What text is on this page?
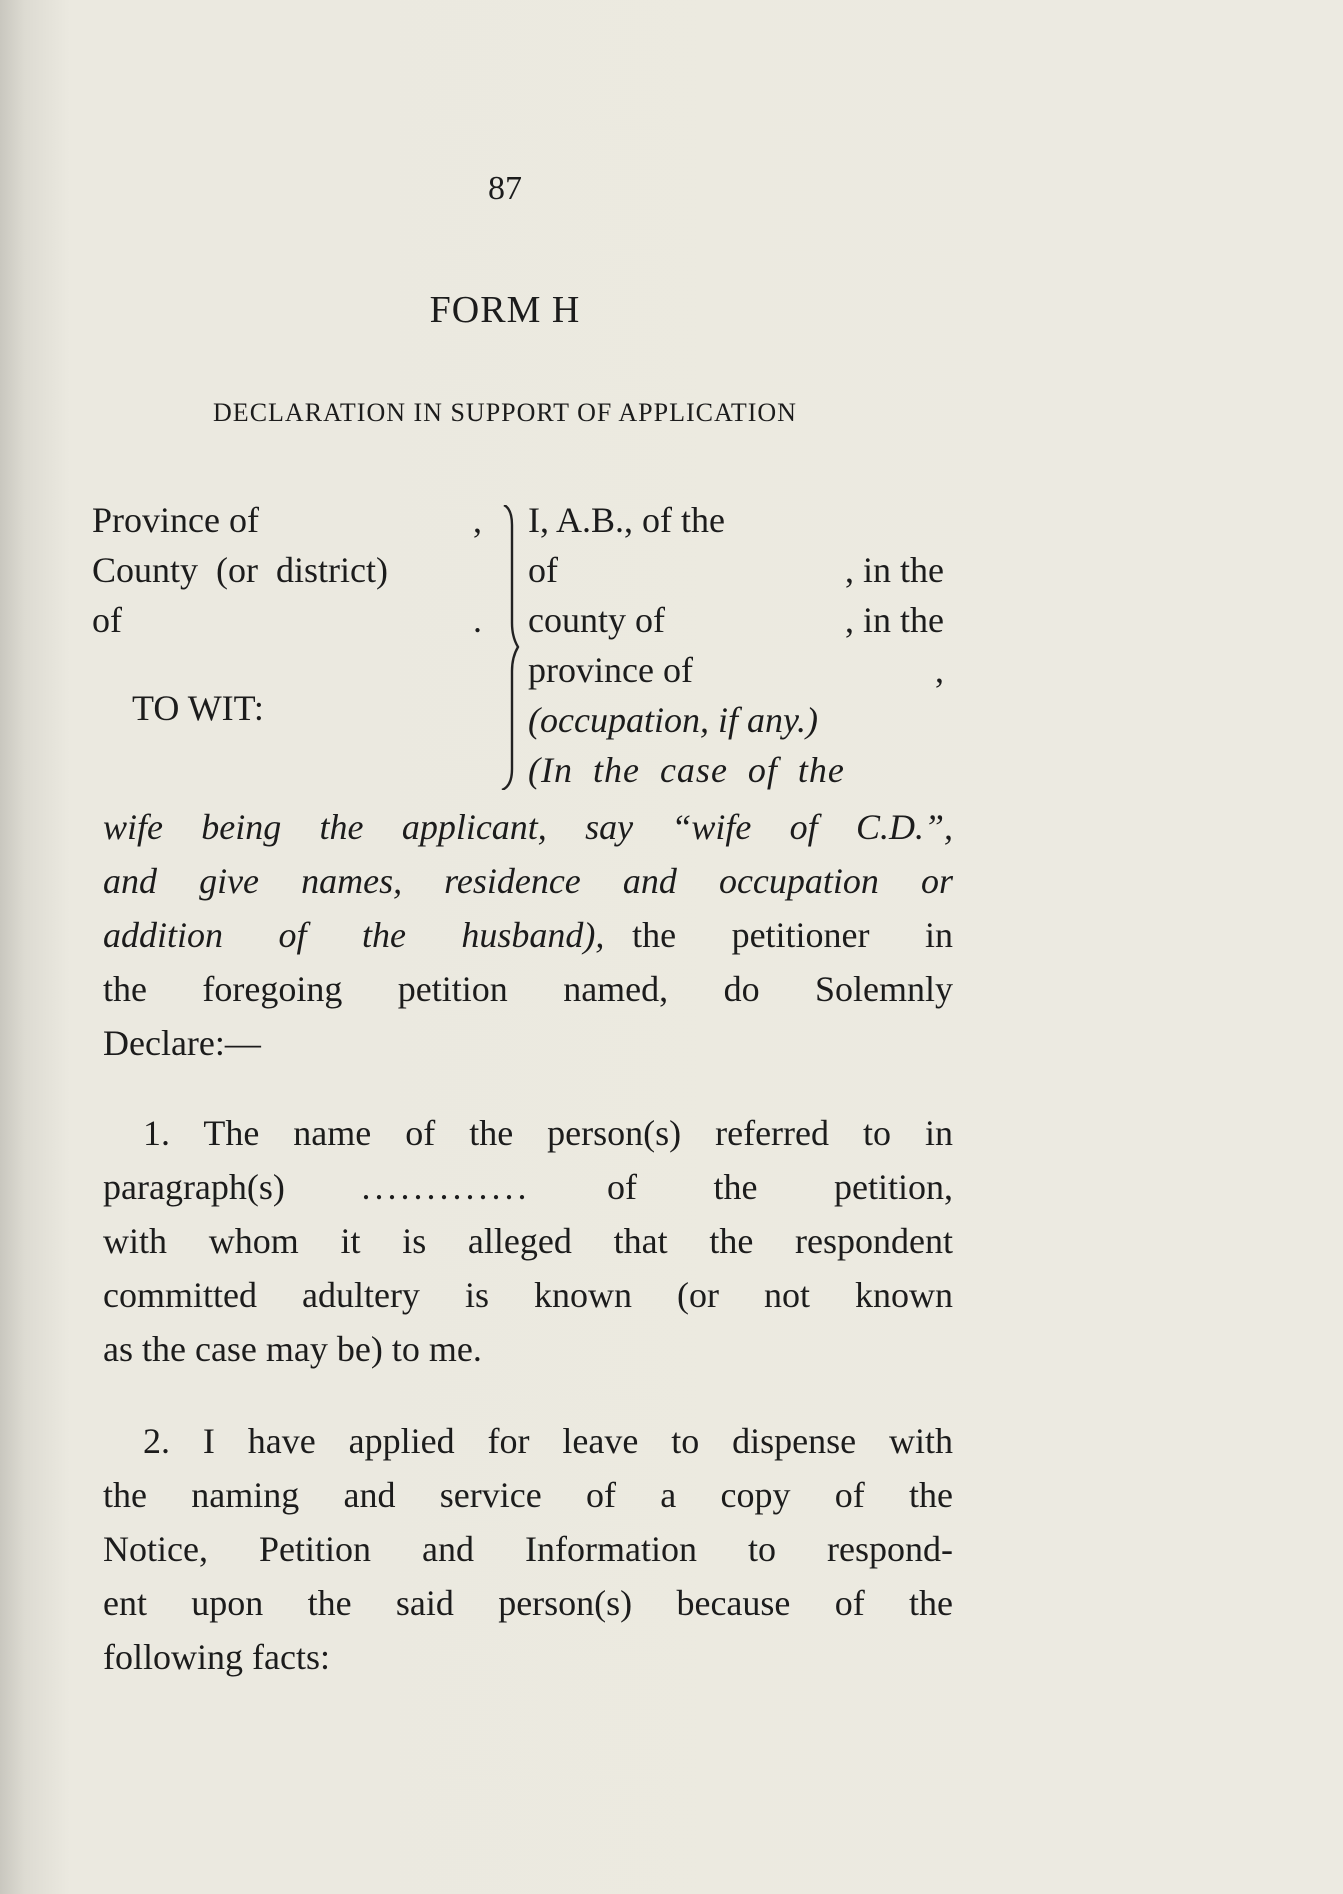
87
FORM H
DECLARATION IN SUPPORT OF APPLICATION
Province of	,
County  (or  district)
of	.
TO WIT:
I, A.B., of the
of	, in the
county of	, in the
province of	,
(occupation, if any.)
(In  the  case  of  the
wife being the applicant, say “wife of C.D.”,
and give names, residence and occupation or
addition  of  the  husband), the  petitioner  in
the  foregoing  petition  named,  do  Solemnly
Declare:—
1. The name of the person(s) referred to in
paragraph(s) ............. of the petition,
with whom it is alleged that the respondent
committed adultery is known (or not known
as the case may be) to me.
2. I have applied for leave to dispense with
the  naming  and  service  of  a  copy  of  the
Notice, Petition and Information to respond-
ent upon the said person(s) because of the
following facts:
